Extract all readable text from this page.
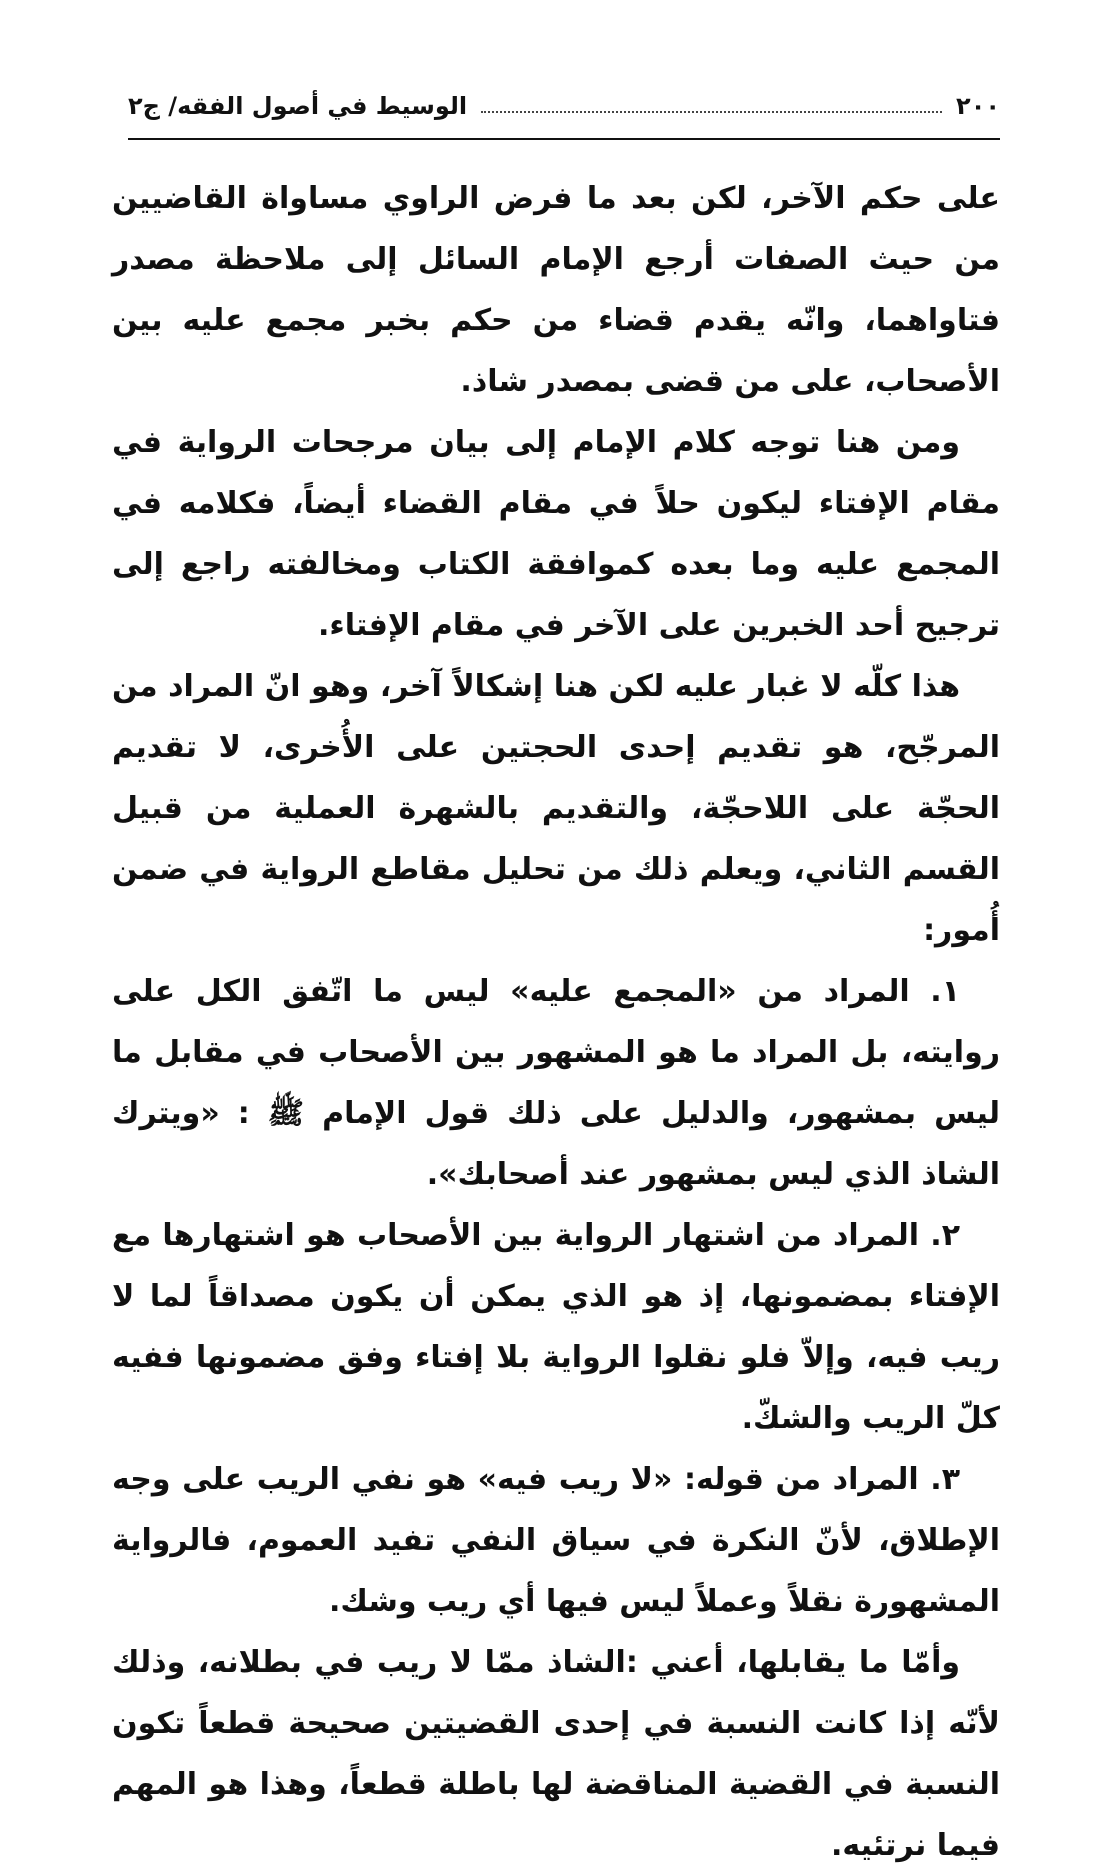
٢٠٠
الوسيط في أصول الفقه/ ج٢

على حكم الآخر، لكن بعد ما فرض الراوي مساواة القاضيين من حيث الصفات أرجع الإمام السائل إلى ملاحظة مصدر فتاواهما، وانّه يقدم قضاء من حكم بخبر مجمع عليه بين الأصحاب، على من قضى بمصدر شاذ.

ومن هنا توجه كلام الإمام إلى بيان مرجحات الرواية في مقام الإفتاء ليكون حلاً في مقام القضاء أيضاً، فكلامه في المجمع عليه وما بعده كموافقة الكتاب ومخالفته راجع إلى ترجيح أحد الخبرين على الآخر في مقام الإفتاء.

هذا كلّه لا غبار عليه لكن هنا إشكالاً آخر، وهو انّ المراد من المرجّح، هو تقديم إحدى الحجتين على الأُخرى، لا تقديم الحجّة على اللاحجّة، والتقديم بالشهرة العملية من قبيل القسم الثاني، ويعلم ذلك من تحليل مقاطع الرواية في ضمن أُمور:

١. المراد من «المجمع عليه» ليس ما اتّفق الكل على روايته، بل المراد ما هو المشهور بين الأصحاب في مقابل ما ليس بمشهور، والدليل على ذلك قول الإمام ﷺ : «ويترك الشاذ الذي ليس بمشهور عند أصحابك».

٢. المراد من اشتهار الرواية بين الأصحاب هو اشتهارها مع الإفتاء بمضمونها، إذ هو الذي يمكن أن يكون مصداقاً لما لا ريب فيه، وإلاّ فلو نقلوا الرواية بلا إفتاء وفق مضمونها ففيه كلّ الريب والشكّ.

٣. المراد من قوله: «لا ريب فيه» هو نفي الريب على وجه الإطلاق، لأنّ النكرة في سياق النفي تفيد العموم، فالرواية المشهورة نقلاً وعملاً ليس فيها أي ريب وشك.

وأمّا ما يقابلها، أعني :الشاذ ممّا لا ريب في بطلانه، وذلك لأنّه إذا كانت النسبة في إحدى القضيتين صحيحة قطعاً تكون النسبة في القضية المناقضة لها باطلة قطعاً، وهذا هو المهم فيما نرتئيه.
